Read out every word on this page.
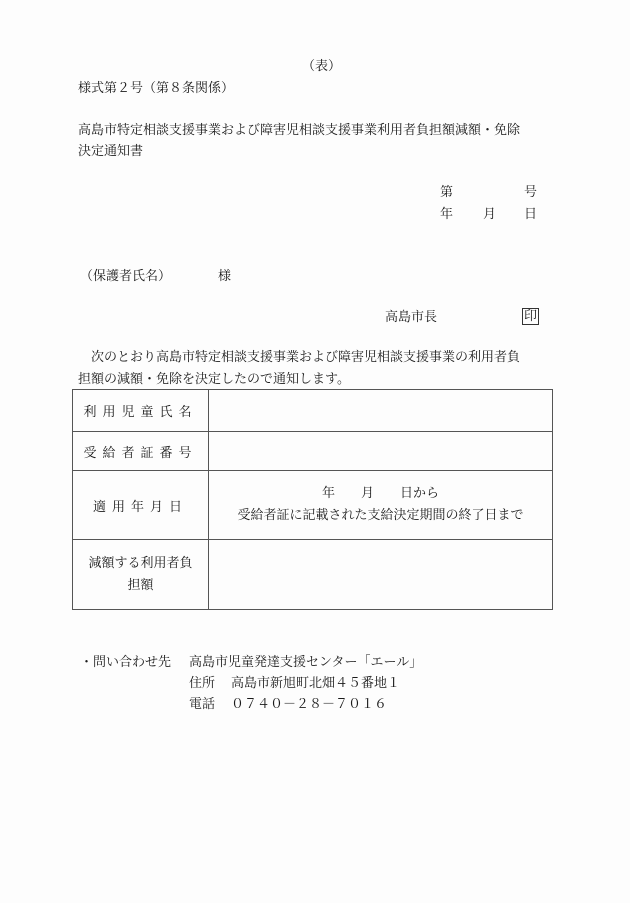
（表）
様式第２号（第８条関係）
高島市特定相談支援事業および障害児相談支援事業利用者負担額減額・免除
決定通知書
第	号
年 月 日
（保護者氏名）	様
高島市長	印
　次のとおり高島市特定相談支援事業および障害児相談支援事業の利用者負
担額の減額・免除を決定したので通知します。
利用児童氏名	
受給者証番号	
適用年月日	年　　月　　日から
受給者証に記載された支給決定期間の終了日まで

減額する利用者負
担額	

・問い合わせ先 高島市児童発達支援センター「エール」
住所 高島市新旭町北畑４５番地１
電話 ０７４０－２８－７０１６
